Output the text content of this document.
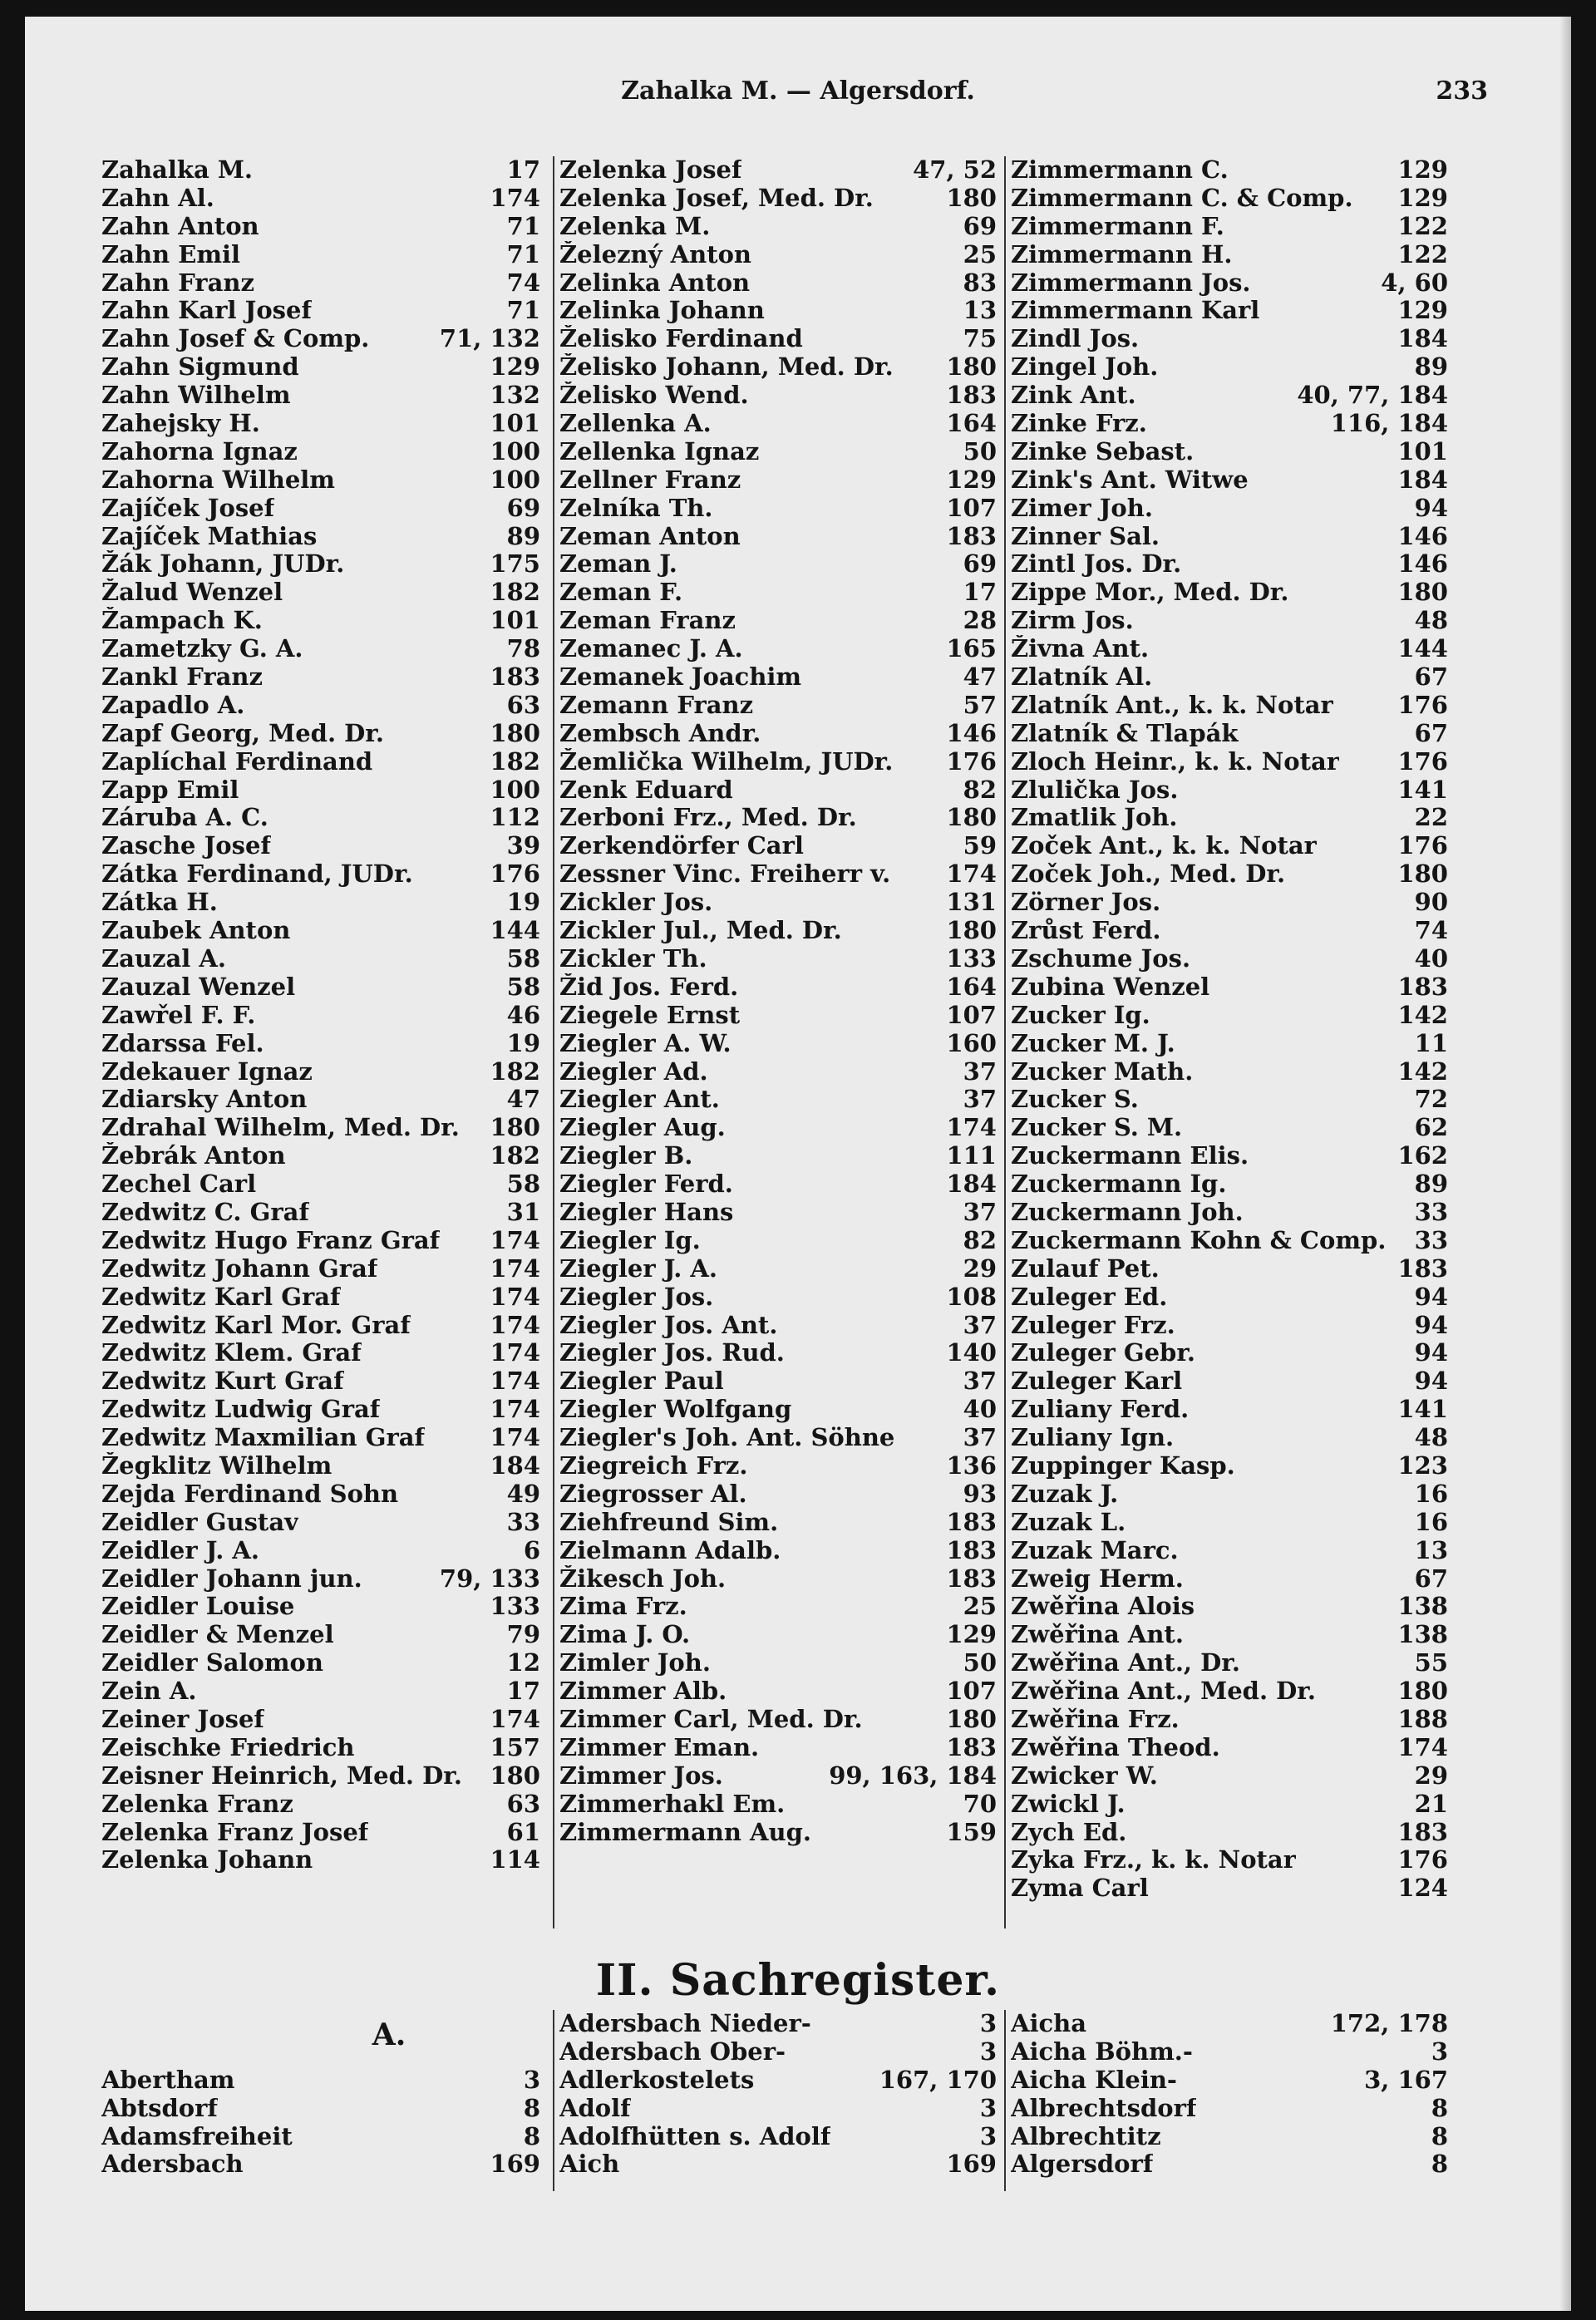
Zahalka M. — Algersdorf.	233
Zahalka M.	17
Zahn Al.	174
Zahn Anton	71
Zahn Emil	71
Zahn Franz	74
Zahn Karl Josef	71
Zahn Josef & Comp.	71, 132
Zahn Sigmund	129
Zahn Wilhelm	132
Zahejsky H.	101
Zahorna Ignaz	100
Zahorna Wilhelm	100
Zajíček Josef	69
Zajíček Mathias	89
Žák Johann, JUDr.	175
Žalud Wenzel	182
Žampach K.	101
Zametzky G. A.	78
Zankl Franz	183
Zapadlo A.	63
Zapf Georg, Med. Dr.	180
Zaplíchal Ferdinand	182
Zapp Emil	100
Záruba A. C.	112
Zasche Josef	39
Zátka Ferdinand, JUDr.	176
Zátka H.	19
Zaubek Anton	144
Zauzal A.	58
Zauzal Wenzel	58
Zawřel F. F.	46
Zdarssa Fel.	19
Zdekauer Ignaz	182
Zdiarsky Anton	47
Zdrahal Wilhelm, Med. Dr. 180
Žebrák Anton	182
Zechel Carl	58
Zedwitz C. Graf	31
Zedwitz Hugo Franz Graf 174
Zedwitz Johann Graf	174
Zedwitz Karl Graf	174
Zedwitz Karl Mor. Graf	174
Zedwitz Klem. Graf	174
Zedwitz Kurt Graf	174
Zedwitz Ludwig Graf	174
Zedwitz Maxmilian Graf	174
Žegklitz Wilhelm	184
Zejda Ferdinand Sohn	49
Zeidler Gustav	33
Zeidler J. A.	6
Zeidler Johann jun.	79, 133
Zeidler Louise	133
Zeidler & Menzel	79
Zeidler Salomon	12
Zein A.	17
Zeiner Josef	174
Zeischke Friedrich	157
Zeisner Heinrich, Med. Dr. 180
Zelenka Franz	63
Zelenka Franz Josef	61
Zelenka Johann	114
Zelenka Josef	47, 52
Zelenka Josef, Med. Dr.	180
Zelenka M.	69
Železný Anton	25
Zelinka Anton	83
Zelinka Johann	13
Želisko Ferdinand	75
Želisko Johann, Med. Dr. 180
Želisko Wend.	183
Zellenka A.	164
Zellenka Ignaz	50
Zellner Franz	129
Zelníka Th.	107
Zeman Anton	183
Zeman J.	69
Zeman F.	17
Zeman Franz	28
Zemanec J. A.	165
Zemanek Joachim	47
Zemann Franz	57
Zembsch Andr.	146
Žemlička Wilhelm, JUDr. 176
Zenk Eduard	82
Zerboni Frz., Med. Dr.	180
Zerkendörfer Carl	59
Zessner Vinc. Freiherr v. 174
Zickler Jos.	131
Zickler Jul., Med. Dr.	180
Zickler Th.	133
Žid Jos. Ferd.	164
Ziegele Ernst	107
Ziegler A. W.	160
Ziegler Ad.	37
Ziegler Ant.	37
Ziegler Aug.	174
Ziegler B.	111
Ziegler Ferd.	184
Ziegler Hans	37
Ziegler Ig.	82
Ziegler J. A.	29
Ziegler Jos.	108
Ziegler Jos. Ant.	37
Ziegler Jos. Rud.	140
Ziegler Paul	37
Ziegler Wolfgang	40
Ziegler's Joh. Ant. Söhne	37
Ziegreich Frz.	136
Ziegrosser Al.	93
Ziehfreund Sim.	183
Zielmann Adalb.	183
Žikesch Joh.	183
Zima Frz.	25
Zima J. O.	129
Zimler Joh.	50
Zimmer Alb.	107
Zimmer Carl, Med. Dr.	180
Zimmer Eman.	183
Zimmer Jos.	99, 163, 184
Zimmerhakl Em.	70
Zimmermann Aug.	159
Zimmermann C.	129
Zimmermann C. & Comp. 129
Zimmermann F.	122
Zimmermann H.	122
Zimmermann Jos.	4, 60
Zimmermann Karl	129
Zindl Jos.	184
Zingel Joh.	89
Zink Ant.	40, 77, 184
Zinke Frz.	116, 184
Zinke Sebast.	101
Zink's Ant. Witwe	184
Zimer Joh.	94
Zinner Sal.	146
Zintl Jos. Dr.	146
Zippe Mor., Med. Dr.	180
Zirm Jos.	48
Živna Ant.	144
Zlatník Al.	67
Zlatník Ant., k. k. Notar	176
Zlatník & Tlapák	67
Zloch Heinr., k. k. Notar 176
Zlulička Jos.	141
Zmatlik Joh.	22
Zoček Ant., k. k. Notar	176
Zoček Joh., Med. Dr.	180
Zörner Jos.	90
Zrůst Ferd.	74
Zschume Jos.	40
Zubina Wenzel	183
Zucker Ig.	142
Zucker M. J.	11
Zucker Math.	142
Zucker S.	72
Zucker S. M.	62
Zuckermann Elis.	162
Zuckermann Ig.	89
Zuckermann Joh.	33
Zuckermann Kohn & Comp. 33
Zulauf Pet.	183
Zuleger Ed.	94
Zuleger Frz.	94
Zuleger Gebr.	94
Zuleger Karl	94
Zuliany Ferd.	141
Zuliany Ign.	48
Zuppinger Kasp.	123
Zuzak J.	16
Zuzak L.	16
Zuzak Marc.	13
Zweig Herm.	67
Zwěřina Alois	138
Zwěřina Ant.	138
Zwěřina Ant., Dr.	55
Zwěřina Ant., Med. Dr.	180
Zwěřina Frz.	188
Zwěřina Theod.	174
Zwicker W.	29
Zwickl J.	21
Zych Ed.	183
Zyka Frz., k. k. Notar	176
Zyma Carl	124
II. Sachregister.
A.
Abertham	3
Abtsdorf	8
Adamsfreiheit	8
Adersbach	169
Adersbach Nieder-	3
Adersbach Ober-	3
Adlerkostelets	167, 170
Adolf	3
Adolfhütten s. Adolf	3
Aich	169
Aicha	172, 178
Aicha Böhm.-	3
Aicha Klein-	3, 167
Albrechtsdorf	8
Albrechtitz	8
Algersdorf	8
